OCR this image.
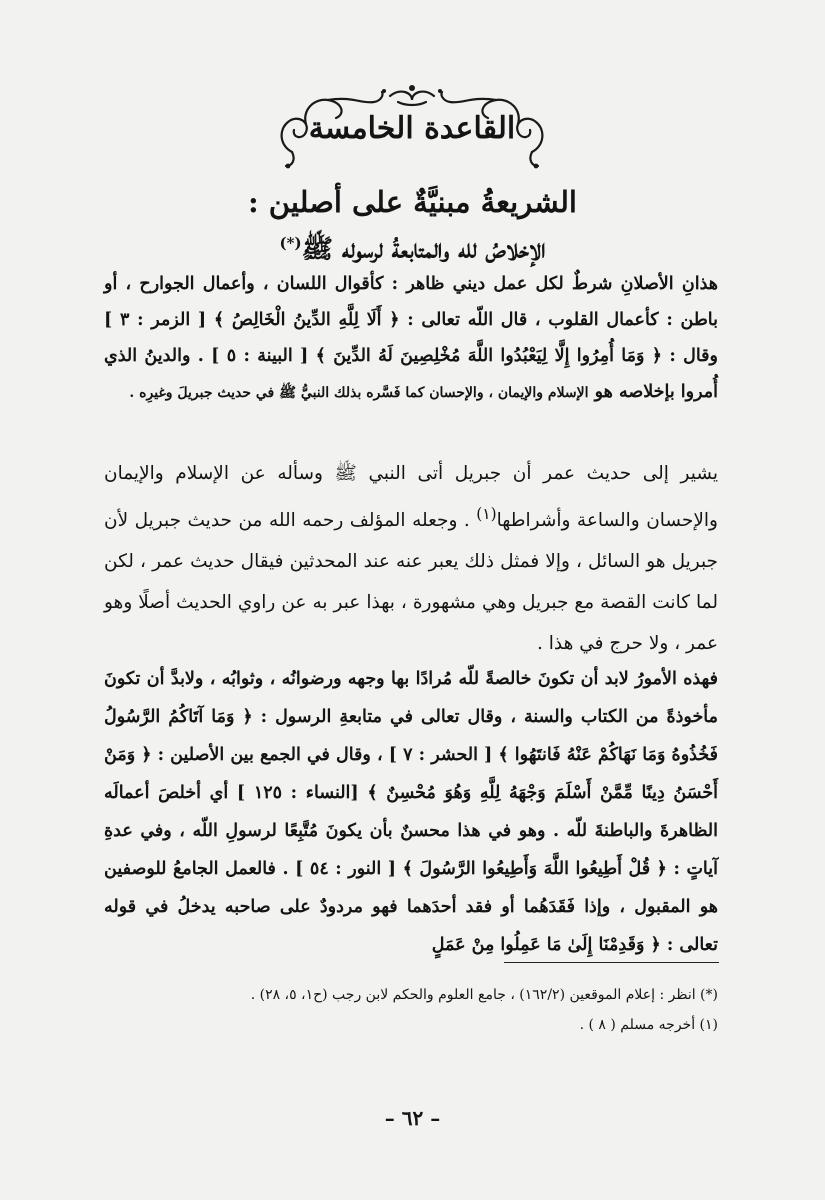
القاعدة الخامسة
الشريعةُ مبنيَّةٌ على أصلين :
الإخلاصُ لله والمتابعةُ لرسوله ﷺ(*)
هذانِ الأصلانِ شرطٌ لكل عمل ديني ظاهر : كأقوال اللسان ، وأعمال الجوارح ، أو باطن : كأعمال القلوب ، قال اللّه تعالى : ﴿ أَلَا لِلَّهِ الدِّينُ الْخَالِصُ ﴾ [ الزمر : ٣ ] وقال : ﴿ وَمَا أُمِرُوا إِلَّا لِيَعْبُدُوا اللَّهَ مُخْلِصِينَ لَهُ الدِّينَ ﴾ [ البينة : ٥ ] . والدينُ الذي أُمروا بإخلاصه هو الإسلام والإيمان ، والإحسان كما فَسَّره بذلك النبيُّ ﷺ في حديث جبريلَ وغيرِه .
يشير إلى حديث عمر أن جبريل أتى النبي ﷺ وسأله عن الإسلام والإيمان والإحسان والساعة وأشراطها$^{(١)}$ . وجعله المؤلف رحمه الله من حديث جبريل لأن جبريل هو السائل ، وإلا فمثل ذلك يعبر عنه عند المحدثين فيقال حديث عمر ، لكن لما كانت القصة مع جبريل وهي مشهورة ، بهذا عبر به عن راوي الحديث أصلًا وهو عمر ، ولا حرج في هذا .
فهذه الأمورُ لابد أن تكونَ خالصةً للّه مُرادًا بها وجهه ورضوانُه ، وثوابُه ، ولابدَّ أن تكونَ مأخوذةً من الكتاب والسنة ، وقال تعالى في متابعةِ الرسول : ﴿ وَمَا آتَاكُمُ الرَّسُولُ فَخُذُوهُ وَمَا نَهَاكُمْ عَنْهُ فَانتَهُوا ﴾ [ الحشر : ٧ ] ، وقال في الجمع بين الأصلين : ﴿ وَمَنْ أَحْسَنُ دِينًا مِّمَّنْ أَسْلَمَ وَجْهَهُ لِلَّهِ وَهُوَ مُحْسِنٌ ﴾ [النساء : ١٢٥ ] أي أخلصَ أعمالَه الظاهرةَ والباطنةَ للّه . وهو في هذا محسنٌ بأن يكونَ مُتَّبِعًا لرسولِ اللّه ، وفي عدةِ آياتٍ : ﴿ قُلْ أَطِيعُوا اللَّهَ وَأَطِيعُوا الرَّسُولَ ﴾ [ النور : ٥٤ ] . فالعمل الجامعُ للوصفين هو المقبول ، وإذا فَقَدَهُما أو فقد أحدَهما فهو مردودٌ على صاحبه يدخلُ في قوله تعالى : ﴿ وَقَدِمْنَا إِلَىٰ مَا عَمِلُوا مِنْ عَمَلٍ
(*) انظر : إعلام الموقعين (١٦٢/٢) ، جامع العلوم والحكم لابن رجب (ح١، ٥، ٢٨) .
(١) أخرجه مسلم ( ٨ ) .
– ٦٢ –
